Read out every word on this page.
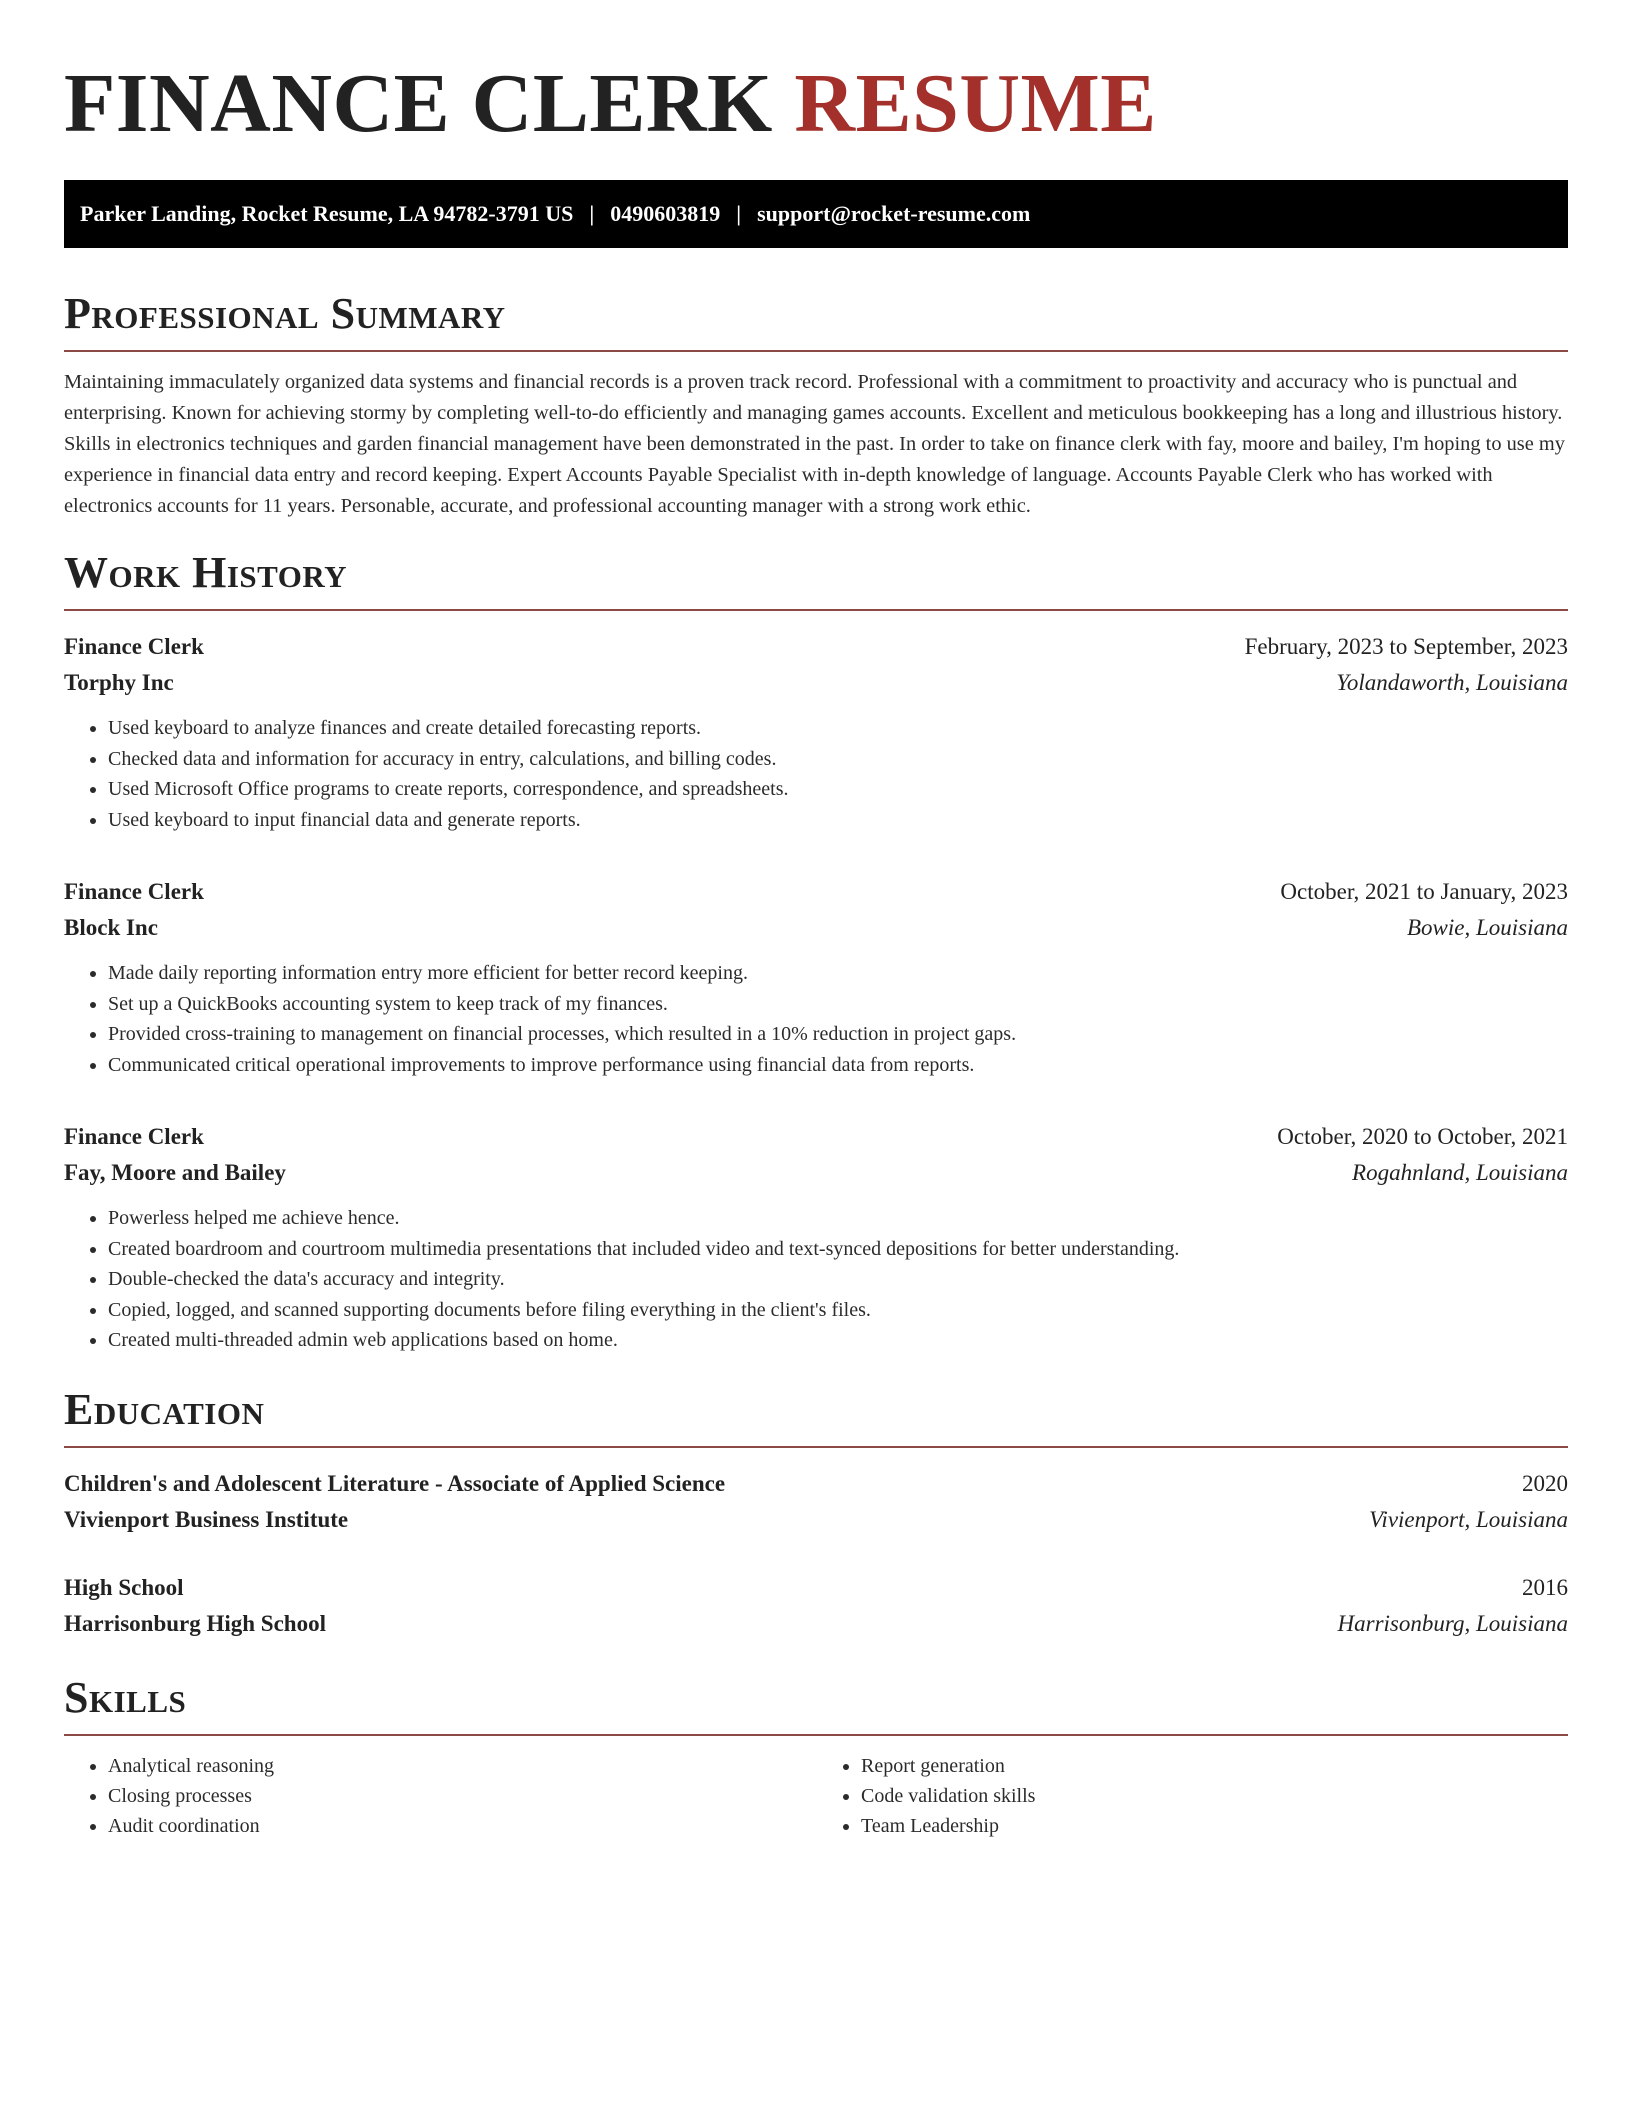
FINANCE CLERK RESUME
Parker Landing, Rocket Resume, LA 94782-3791 US | 0490603819 | support@rocket-resume.com
Professional Summary

Maintaining immaculately organized data systems and financial records is a proven track record. Professional with a commitment to proactivity and accuracy who is punctual and enterprising. Known for achieving stormy by completing well-to-do efficiently and managing games accounts. Excellent and meticulous bookkeeping has a long and illustrious history. Skills in electronics techniques and garden financial management have been demonstrated in the past. In order to take on finance clerk with fay, moore and bailey, I'm hoping to use my experience in financial data entry and record keeping. Expert Accounts Payable Specialist with in-depth knowledge of language. Accounts Payable Clerk who has worked with electronics accounts for 11 years. Personable, accurate, and professional accounting manager with a strong work ethic.

Work History
Finance Clerk	February, 2023 to September, 2023
Torphy Inc	Yolandaworth, Louisiana
• Used keyboard to analyze finances and create detailed forecasting reports.
• Checked data and information for accuracy in entry, calculations, and billing codes.
• Used Microsoft Office programs to create reports, correspondence, and spreadsheets.
• Used keyboard to input financial data and generate reports.
Finance Clerk	October, 2021 to January, 2023
Block Inc	Bowie, Louisiana
• Made daily reporting information entry more efficient for better record keeping.
• Set up a QuickBooks accounting system to keep track of my finances.
• Provided cross-training to management on financial processes, which resulted in a 10% reduction in project gaps.
• Communicated critical operational improvements to improve performance using financial data from reports.
Finance Clerk	October, 2020 to October, 2021
Fay, Moore and Bailey	Rogahnland, Louisiana
• Powerless helped me achieve hence.
• Created boardroom and courtroom multimedia presentations that included video and text-synced depositions for better understanding.
• Double-checked the data's accuracy and integrity.
• Copied, logged, and scanned supporting documents before filing everything in the client's files.
• Created multi-threaded admin web applications based on home.
Education
Children's and Adolescent Literature - Associate of Applied Science	2020
Vivienport Business Institute	Vivienport, Louisiana
High School	2016
Harrisonburg High School	Harrisonburg, Louisiana
Skills
• Analytical reasoning
• Closing processes
• Audit coordination
• Report generation
• Code validation skills
• Team Leadership
